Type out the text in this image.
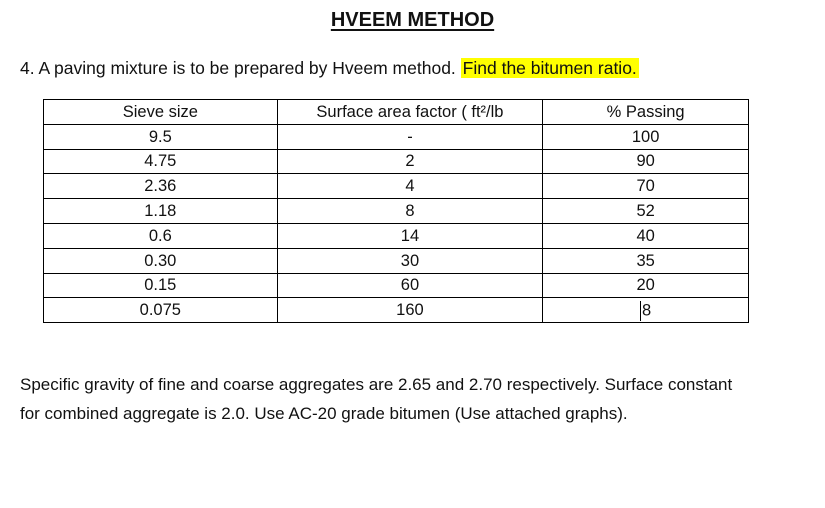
HVEEM METHOD
4. A paving mixture is to be prepared by Hveem method. Find the bitumen ratio.
Sieve size	Surface area factor ( ft²/lb	% Passing
9.5	-	100
4.75	2	90
2.36	4	70
1.18	8	52
0.6	14	40
0.30	30	35
0.15	60	20
0.075	160	8

Specific gravity of fine and coarse aggregates are 2.65 and 2.70 respectively. Surface constant

for combined aggregate is 2.0. Use AC-20 grade bitumen (Use attached graphs).
